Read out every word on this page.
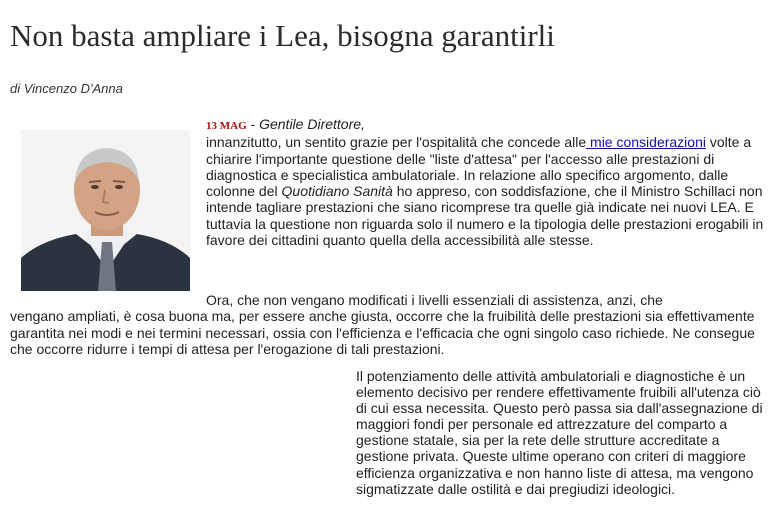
Non basta ampliare i Lea, bisogna garantirli
di Vincenzo D'Anna
13 MAG - Gentile Direttore,
innanzitutto, un sentito grazie per l'ospitalità che concede alle mie considerazioni volte a chiarire l'importante questione delle "liste d'attesa" per l'accesso alle prestazioni di diagnostica e specialistica ambulatoriale. In relazione allo specifico argomento, dalle colonne del Quotidiano Sanità ho appreso, con soddisfazione, che il Ministro Schillaci non intende tagliare prestazioni che siano ricomprese tra quelle già indicate nei nuovi LEA. E tuttavia la questione non riguarda solo il numero e la tipologia delle prestazioni erogabili in favore dei cittadini quanto quella della accessibilità alle stesse.
Ora, che non vengano modificati i livelli essenziali di assistenza, anzi, che
vengano ampliati, è cosa buona ma, per essere anche giusta, occorre che la fruibilità delle prestazioni sia effettivamente garantita nei modi e nei termini necessari, ossia con l'efficienza e l'efficacia che ogni singolo caso richiede. Ne consegue che occorre ridurre i tempi di attesa per l'erogazione di tali prestazioni.
Il potenziamento delle attività ambulatoriali e diagnostiche è un elemento decisivo per rendere effettivamente fruibili all'utenza ciò di cui essa necessita. Questo però passa sia dall'assegnazione di maggiori fondi per personale ed attrezzature del comparto a gestione statale, sia per la rete delle strutture accreditate a gestione privata. Queste ultime operano con criteri di maggiore efficienza organizzativa e non hanno liste di attesa, ma vengono sigmatizzate dalle ostilità e dai pregiudizi ideologici.
